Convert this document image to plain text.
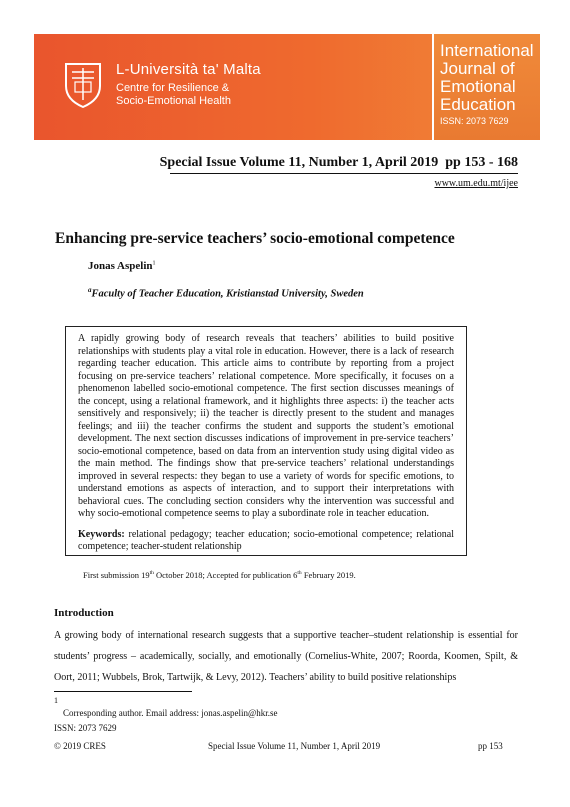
L-Università ta' Malta
Centre for Resilience &
Socio-Emotional Health
International
Journal of
Emotional
Education
ISSN: 2073 7629
Special Issue Volume 11, Number 1, April 2019 pp 153 - 168
www.um.edu.mt/ijee
Enhancing pre-service teachers’ socio-emotional competence
Jonas Aspelin$^1$
$^a$Faculty of Teacher Education, Kristianstad University, Sweden
A rapidly growing body of research reveals that teachers’ abilities to build positive relationships with students play a vital role in education. However, there is a lack of research regarding teacher education. This article aims to contribute by reporting from a project focusing on pre-service teachers’ relational competence. More specifically, it focuses on a phenomenon labelled socio-emotional competence. The first section discusses meanings of the concept, using a relational framework, and it highlights three aspects: i) the teacher acts sensitively and responsively; ii) the teacher is directly present to the student and manages feelings; and iii) the teacher confirms the student and supports the student’s emotional development. The next section discusses indications of improvement in pre-service teachers’ socio-emotional competence, based on data from an intervention study using digital video as the main method. The findings show that pre-service teachers’ relational understandings improved in several respects: they began to use a variety of words for specific emotions, to understand emotions as aspects of interaction, and to support their interpretations with behavioral cues. The concluding section considers why the intervention was successful and why socio-emotional competence seems to play a subordinate role in teacher education.
Keywords: relational pedagogy; teacher education; socio-emotional competence; relational competence; teacher-student relationship
First submission 19th October 2018; Accepted for publication 6th February 2019.
Introduction
A growing body of international research suggests that a supportive teacher–student relationship is essential for students’ progress – academically, socially, and emotionally (Cornelius-White, 2007; Roorda, Koomen, Spilt, & Oort, 2011; Wubbels, Brok, Tartwijk, & Levy, 2012). Teachers’ ability to build positive relationships
1
Corresponding author. Email address: jonas.aspelin@hkr.se
ISSN: 2073 7629
© 2019 CRES	Special Issue Volume 11, Number 1, April 2019	pp 153
